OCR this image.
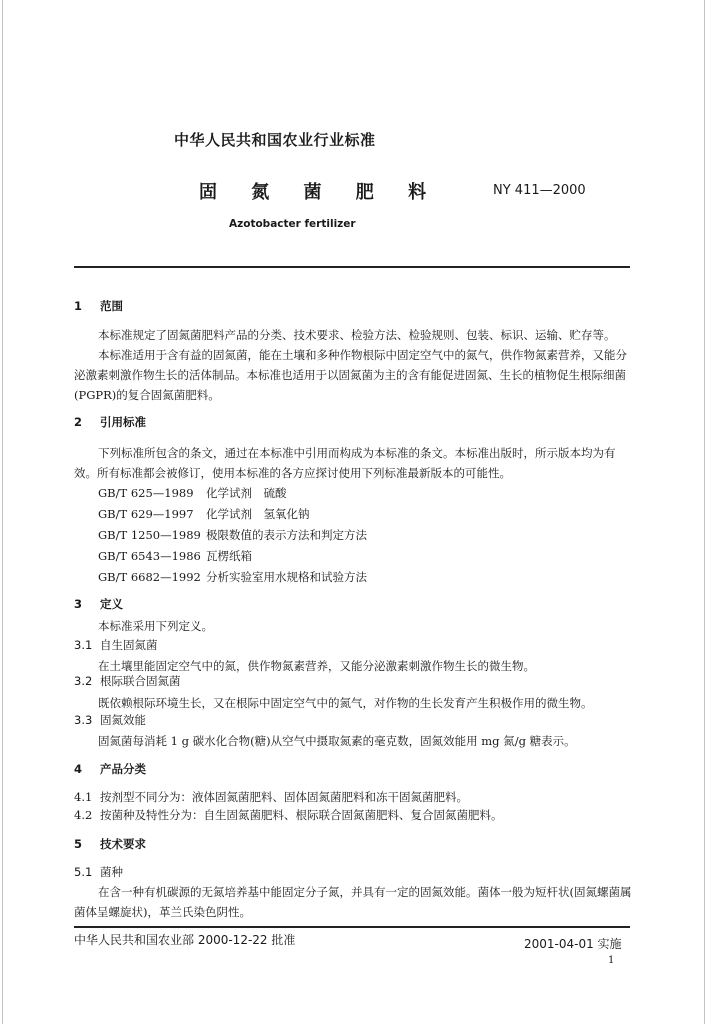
中华人民共和国农业行业标准
固 氮 菌 肥 料	NY 411—2000
Azotobacter fertilizer
1 范围

本标准规定了固氮菌肥料产品的分类、技术要求、检验方法、检验规则、包装、标识、运输、贮存等。

本标准适用于含有益的固氮菌，能在土壤和多种作物根际中固定空气中的氮气，供作物氮素营养，又能分泌激素刺激作物生长的活体制品。本标准也适用于以固氮菌为主的含有能促进固氮、生长的植物促生根际细菌(PGPR)的复合固氮菌肥料。

2 引用标准

下列标准所包含的条文，通过在本标准中引用而构成为本标准的条文。本标准出版时，所示版本均为有效。所有标准都会被修订，使用本标准的各方应探讨使用下列标准最新版本的可能性。

GB/T 625—1989 化学试剂　硫酸
GB/T 629—1997 化学试剂　氢氧化钠
GB/T 1250—1989 极限数值的表示方法和判定方法
GB/T 6543—1986 瓦楞纸箱
GB/T 6682—1992 分析实验室用水规格和试验方法
3 定义

本标准采用下列定义。

3.1 自生固氮菌

在土壤里能固定空气中的氮，供作物氮素营养，又能分泌激素刺激作物生长的微生物。

3.2 根际联合固氮菌

既依赖根际环境生长，又在根际中固定空气中的氮气，对作物的生长发育产生积极作用的微生物。

3.3 固氮效能

固氮菌每消耗 1 g 碳水化合物(糖)从空气中摄取氮素的毫克数，固氮效能用 mg 氮/g 糖表示。

4 产品分类
4.1 按剂型不同分为：液体固氮菌肥料、固体固氮菌肥料和冻干固氮菌肥料。
4.2 按菌种及特性分为：自生固氮菌肥料、根际联合固氮菌肥料、复合固氮菌肥料。
5 技术要求
5.1 菌种

在含一种有机碳源的无氮培养基中能固定分子氮，并具有一定的固氮效能。菌体一般为短杆状(固氮螺菌属菌体呈螺旋状)，革兰氏染色阴性。

中华人民共和国农业部 2000-12-22 批准	2001-04-01 实施
1
